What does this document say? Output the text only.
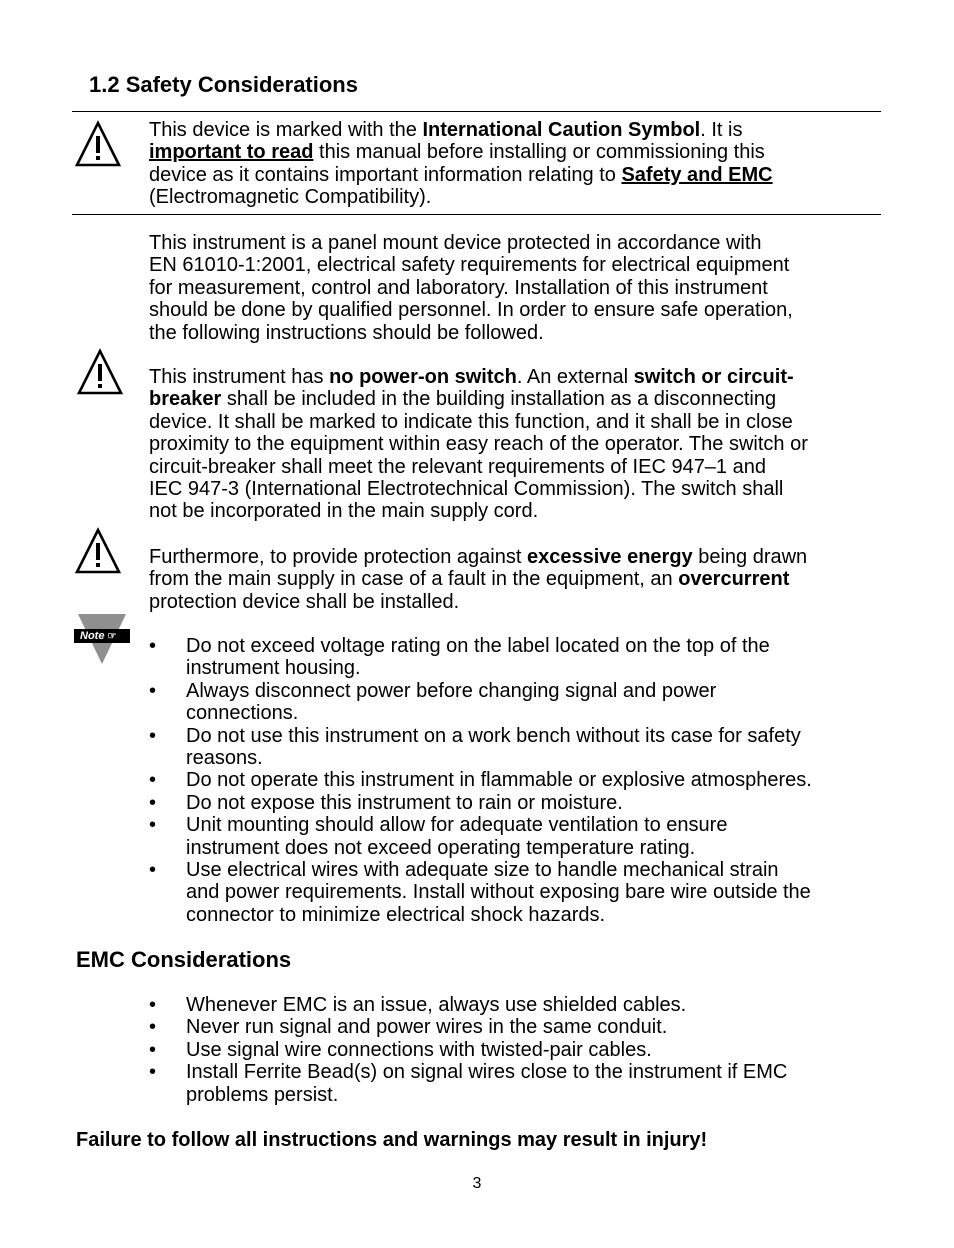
1.2 Safety Considerations
This device is marked with the International Caution Symbol. It is
important to read this manual before installing or commissioning this
device as it contains important information relating to Safety and EMC
(Electromagnetic Compatibility).
This instrument is a panel mount device protected in accordance with
EN 61010-1:2001, electrical safety requirements for electrical equipment
for measurement, control and laboratory. Installation of this instrument
should be done by qualified personnel. In order to ensure safe operation,
the following instructions should be followed.
This instrument has no power-on switch. An external switch or circuit-
breaker shall be included in the building installation as a disconnecting
device. It shall be marked to indicate this function, and it shall be in close
proximity to the equipment within easy reach of the operator. The switch or
circuit-breaker shall meet the relevant requirements of IEC 947–1 and
IEC 947-3 (International Electrotechnical Commission). The switch shall
not be incorporated in the main supply cord.
Furthermore, to provide protection against excessive energy being drawn
from the main supply in case of a fault in the equipment, an overcurrent
protection device shall be installed.
Note ☞	• Do not exceed voltage rating on the label located on the top of the
instrument housing.
• Always disconnect power before changing signal and power
connections.
• Do not use this instrument on a work bench without its case for safety
reasons.
• Do not operate this instrument in flammable or explosive atmospheres.
• Do not expose this instrument to rain or moisture.
• Unit mounting should allow for adequate ventilation to ensure
instrument does not exceed operating temperature rating.
• Use electrical wires with adequate size to handle mechanical strain
and power requirements. Install without exposing bare wire outside the
connector to minimize electrical shock hazards.
EMC Considerations
• Whenever EMC is an issue, always use shielded cables.
• Never run signal and power wires in the same conduit.
• Use signal wire connections with twisted-pair cables.
• Install Ferrite Bead(s) on signal wires close to the instrument if EMC
problems persist.
Failure to follow all instructions and warnings may result in injury!
3
